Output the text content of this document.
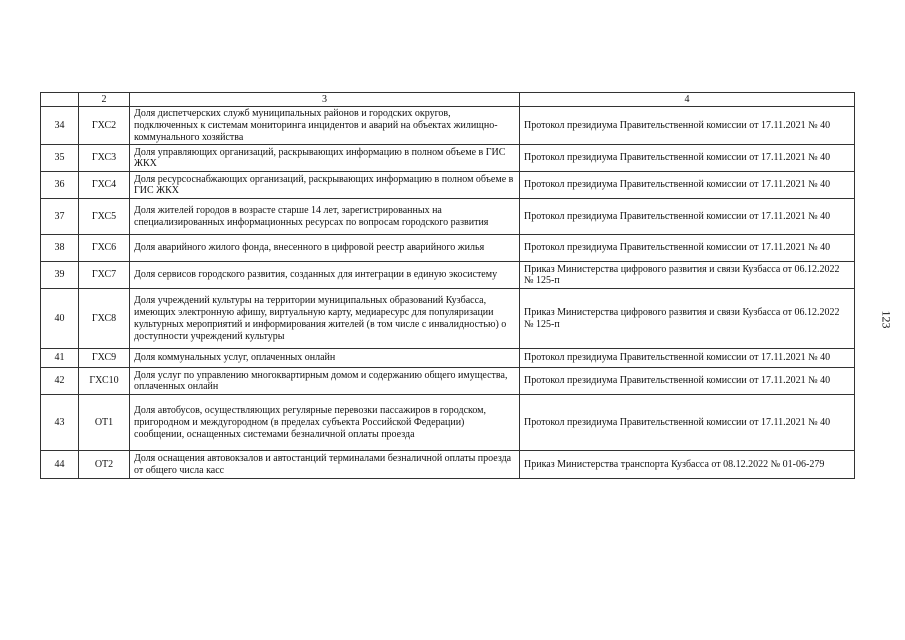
	2	3	4
34	ГХС2	Доля диспетчерских служб муниципальных районов и городских округов, подключенных к системам мониторинга инцидентов и аварий на объектах жилищно-коммунального хозяйства	Протокол президиума Правительственной комиссии от 17.11.2021 № 40
35	ГХС3	Доля управляющих организаций, раскрывающих информацию в полном объеме в ГИС ЖКХ	Протокол президиума Правительственной комиссии от 17.11.2021 № 40
36	ГХС4	Доля ресурсоснабжающих организаций, раскрывающих информацию в полном объеме в ГИС ЖКХ	Протокол президиума Правительственной комиссии от 17.11.2021 № 40
37	ГХС5	Доля жителей городов в возрасте старше 14 лет, зарегистрированных на специализированных информационных ресурсах по вопросам городского развития	Протокол президиума Правительственной комиссии от 17.11.2021 № 40
38	ГХС6	Доля аварийного жилого фонда, внесенного в цифровой реестр аварийного жилья	Протокол президиума Правительственной комиссии от 17.11.2021 № 40
39	ГХС7	Доля сервисов городского развития, созданных для интеграции в единую экосистему	Приказ Министерства цифрового развития и связи Кузбасса от 06.12.2022 № 125-п
40	ГХС8	Доля учреждений культуры на территории муниципальных образований Кузбасса, имеющих электронную афишу, виртуальную карту, медиаресурс для популяризации культурных мероприятий и информирования жителей (в том числе с инвалидностью) о доступности учреждений культуры	Приказ Министерства цифрового развития и связи Кузбасса от 06.12.2022 № 125-п
41	ГХС9	Доля коммунальных услуг, оплаченных онлайн	Протокол президиума Правительственной комиссии от 17.11.2021 № 40
42	ГХС10	Доля услуг по управлению многоквартирным домом и содержанию общего имущества, оплаченных онлайн	Протокол президиума Правительственной комиссии от 17.11.2021 № 40
43	ОТ1	Доля автобусов, осуществляющих регулярные перевозки пассажиров в городском, пригородном и междугородном (в пределах субъекта Российской Федерации) сообщении, оснащенных системами безналичной оплаты проезда	Протокол президиума Правительственной комиссии от 17.11.2021 № 40
44	ОТ2	Доля оснащения автовокзалов и автостанций терминалами безналичной оплаты проезда от общего числа касс	Приказ Министерства транспорта Кузбасса от 08.12.2022 № 01-06-279
123
